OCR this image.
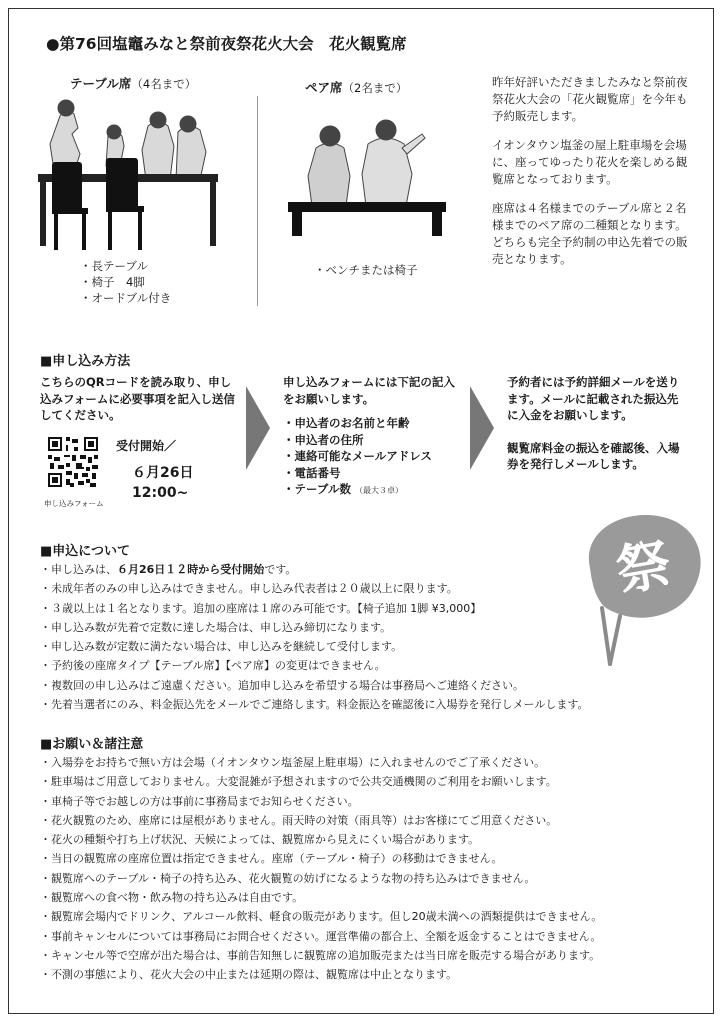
●第76回塩竈みなと祭前夜祭花火大会　花火観覧席
テーブル席（4名まで）
・長テーブル
・椅子　4脚
・オードブル付き
ペア席（2名まで）
・ベンチまたは椅子

昨年好評いただきましたみなと祭前夜祭花火大会の「花火観覧席」を今年も予約販売します。

イオンタウン塩釜の屋上駐車場を会場に、座ってゆったり花火を楽しめる観覧席となっております。

座席は４名様までのテーブル席と２名様までのペア席の二種類となります。どちらも完全予約制の申込先着での販売となります。

■申し込み方法

こちらのQRコードを読み取り、申し込みフォームに必要事項を記入し送信してください。

申し込みフォーム
受付開始／
６月26日
12:00~

申し込みフォームには下記の記入をお願いします。

・申込者のお名前と年齢
・申込者の住所
・連絡可能なメールアドレス
・電話番号
・テーブル数 （最大３卓）

予約者には予約詳細メールを送ります。メールに記載された振込先に入金をお願いします。

観覧席料金の振込を確認後、入場券を発行しメールします。

■申込について
・申し込みは、６月26日１２時から受付開始です。
・未成年者のみの申し込みはできません。申し込み代表者は２０歳以上に限ります。
・３歳以上は１名となります。追加の座席は１席のみ可能です。【椅子追加 1脚 ¥3,000】
・申し込み数が先着で定数に達した場合は、申し込み締切になります。
・申し込み数が定数に満たない場合は、申し込みを継続して受付します。
・予約後の座席タイプ【テーブル席】【ペア席】の変更はできません。
・複数回の申し込みはご遠慮ください。追加申し込みを希望する場合は事務局へご連絡ください。
・先着当選者にのみ、料金振込先をメールでご連絡します。料金振込を確認後に入場券を発行しメールします。
祭
■お願い＆諸注意
・入場券をお持ちで無い方は会場（イオンタウン塩釜屋上駐車場）に入れませんのでご了承ください。
・駐車場はご用意しておりません。大変混雑が予想されますので公共交通機関のご利用をお願いします。
・車椅子等でお越しの方は事前に事務局までお知らせください。
・花火観覧のため、座席には屋根がありません。雨天時の対策（雨具等）はお客様にてご用意ください。
・花火の種類や打ち上げ状況、天候によっては、観覧席から見えにくい場合があります。
・当日の観覧席の座席位置は指定できません。座席（テーブル・椅子）の移動はできません。
・観覧席へのテーブル・椅子の持ち込み、花火観覧の妨げになるような物の持ち込みはできません。
・観覧席への食べ物・飲み物の持ち込みは自由です。
・観覧席会場内でドリンク、アルコール飲料、軽食の販売があります。但し20歳未満への酒類提供はできません。
・事前キャンセルについては事務局にお問合せください。運営準備の都合上、全額を返金することはできません。
・キャンセル等で空席が出た場合は、事前告知無しに観覧席の追加販売または当日席を販売する場合があります。
・不測の事態により、花火大会の中止または延期の際は、観覧席は中止となります。
